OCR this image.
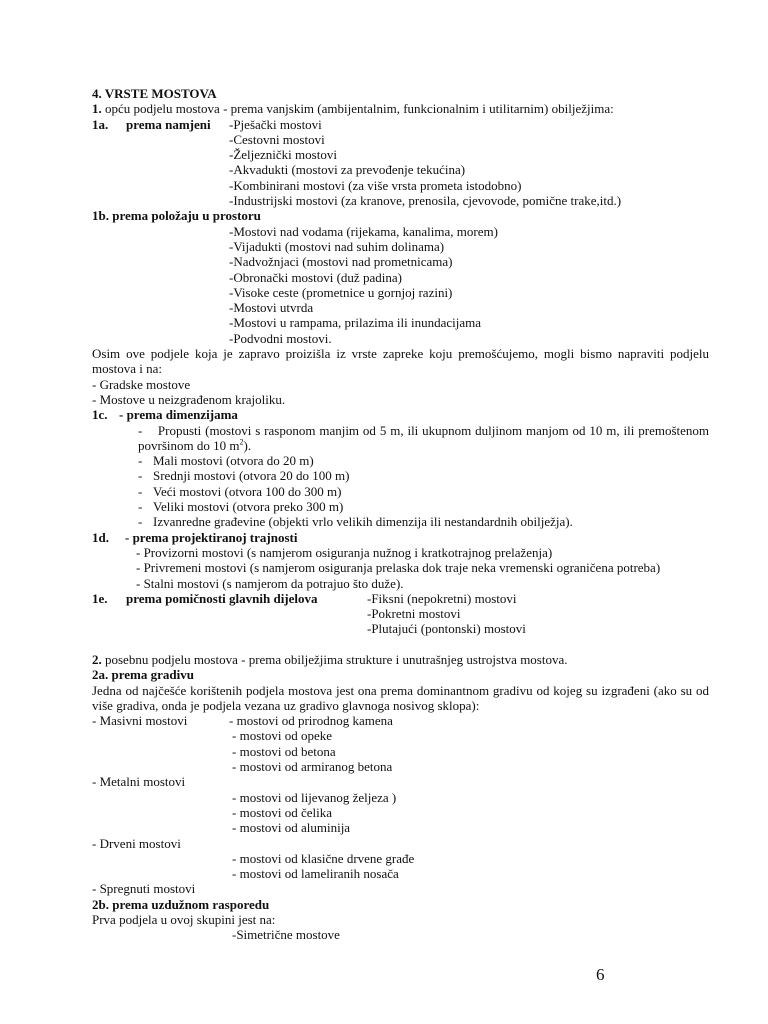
4. VRSTE MOSTOVA
1. opću podjelu mostova - prema vanjskim (ambijentalnim, funkcionalnim i utilitarnim) obilježjima:
1a. prema namjeni -Pješački mostovi
-Cestovni mostovi
-Željeznički mostovi
-Akvadukti (mostovi za prevođenje tekućina)
-Kombinirani mostovi (za više vrsta prometa istodobno)
-Industrijski mostovi (za kranove, prenosila, cjevovode, pomične trake,itd.)
1b. prema položaju u prostoru
-Mostovi nad vodama (rijekama, kanalima, morem)
-Vijadukti (mostovi nad suhim dolinama)
-Nadvožnjaci (mostovi nad prometnicama)
-Obronački mostovi (duž padina)
-Visoke ceste (prometnice u gornjoj razini)
-Mostovi utvrda
-Mostovi u rampama, prilazima ili inundacijama
-Podvodni mostovi.
Osim ove podjele koja je zapravo proizišla iz vrste zapreke koju premošćujemo, mogli bismo napraviti podjelu mostova i na:
- Gradske mostove
- Mostove u neizgrađenom krajoliku.
1c. - prema dimenzijama
- Propusti (mostovi s rasponom manjim od 5 m, ili ukupnom duljinom manjom od 10 m, ili premoštenom površinom do 10 $m^2$).
- Mali mostovi (otvora do 20 m)
- Srednji mostovi (otvora 20 do 100 m)
- Veći mostovi (otvora 100 do 300 m)
- Veliki mostovi (otvora preko 300 m)
- Izvanredne građevine (objekti vrlo velikih dimenzija ili nestandardnih obilježja).
1d. - prema projektiranoj trajnosti
- Provizorni mostovi (s namjerom osiguranja nužnog i kratkotrajnog prelaženja)
- Privremeni mostovi (s namjerom osiguranja prelaska dok traje neka vremenski ograničena potreba)
- Stalni mostovi (s namjerom da potrajuo što duže).
1e. prema pomičnosti glavnih dijelova	-Fiksni (nepokretni) mostovi
-Pokretni mostovi
-Plutajući (pontonski) mostovi
2. posebnu podjelu mostova - prema obilježjima strukture i unutrašnjeg ustrojstva mostova.
2a. prema gradivu
Jedna od najčešće korištenih podjela mostova jest ona prema dominantnom gradivu od kojeg su izgrađeni (ako su od više gradiva, onda je podjela vezana uz gradivo glavnoga nosivog sklopa):
- Masivni mostovi	- mostovi od prirodnog kamena
- mostovi od opeke
- mostovi od betona
- mostovi od armiranog betona
- Metalni mostovi
- mostovi od lijevanog željeza )
- mostovi od čelika
- mostovi od aluminija
- Drveni mostovi
- mostovi od klasične drvene građe
- mostovi od lameliranih nosača
- Spregnuti mostovi
2b. prema uzdužnom rasporedu
Prva podjela u ovoj skupini jest na:
-Simetrične mostove
6
